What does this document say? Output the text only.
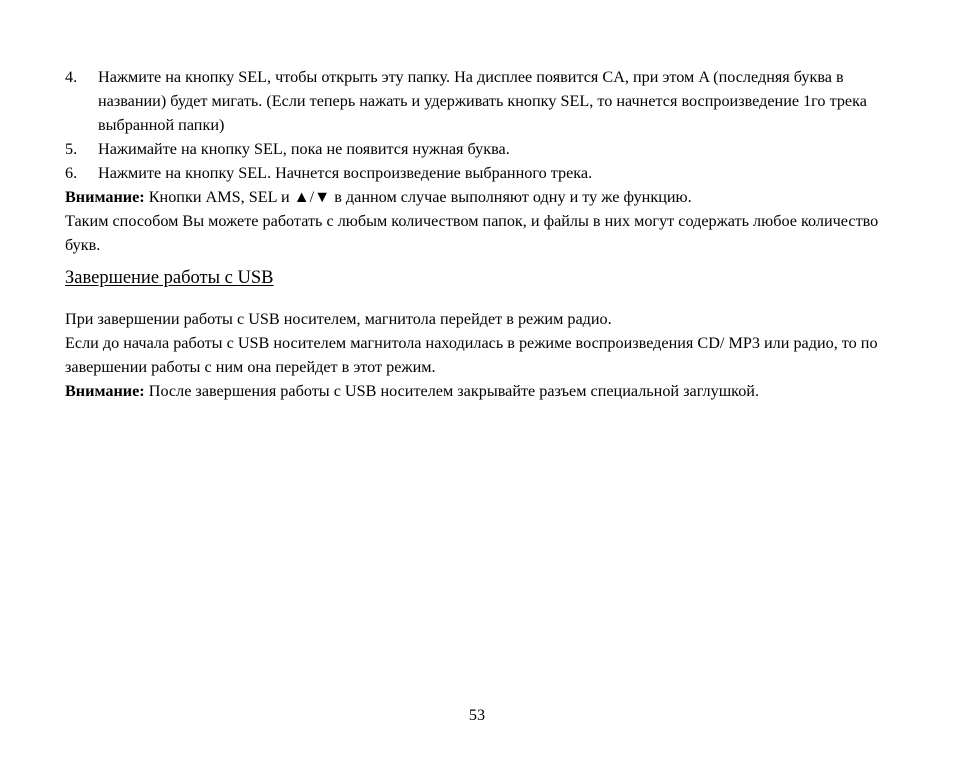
4. Нажмите на кнопку SEL, чтобы открыть эту папку. На дисплее появится CA, при этом A (последняя буква в названии) будет мигать. (Если теперь нажать и удерживать кнопку SEL, то начнется воспроизведение 1го трека выбранной папки)
5. Нажимайте на кнопку SEL, пока не появится нужная буква.
6. Нажмите на кнопку SEL. Начнется воспроизведение выбранного трека.

Внимание: Кнопки AMS, SEL и ▲/▼ в данном случае выполняют одну и ту же функцию.

Таким способом Вы можете работать с любым количеством папок, и файлы в них могут содержать любое количество букв.

Завершение работы с USB

При завершении работы с USB носителем, магнитола перейдет в режим радио.

Если до начала работы с USB носителем магнитола находилась в режиме воспроизведения CD/ MP3 или радио, то по завершении работы с ним она перейдет в этот режим.

Внимание: После завершения работы с USB носителем закрывайте разъем специальной заглушкой.

53
